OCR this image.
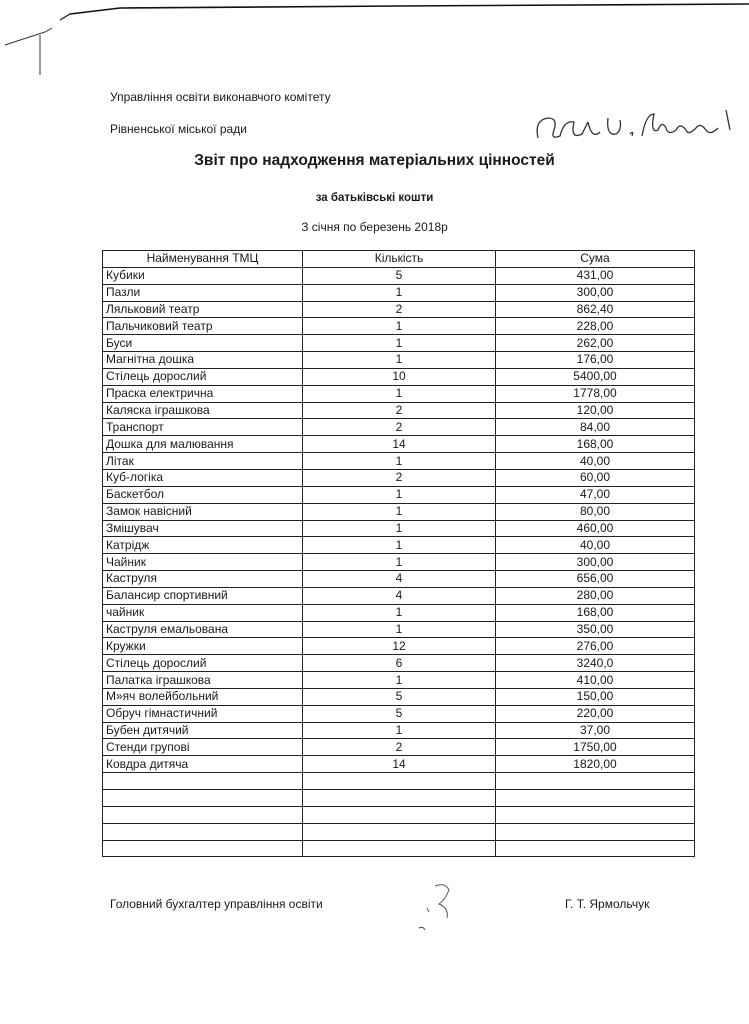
Управління освіти виконавчого комітету
Рівненської міської ради
Звіт про надходження матеріальних цінностей
за батьківські кошти
З січня по березень 2018р
Найменування ТМЦ	Кількість	Сума
Кубики	5	431,00
Пазли	1	300,00
Ляльковий театр	2	862,40
Пальчиковий театр	1	228,00
Буси	1	262,00
Магнітна дошка	1	176,00
Стілець дорослий	10	5400,00
Праска електрична	1	1778,00
Каляска іграшкова	2	120,00
Транспорт	2	84,00
Дошка для малювання	14	168,00
Літак	1	40,00
Куб-логіка	2	60,00
Баскетбол	1	47,00
Замок навісний	1	80,00
Змішувач	1	460,00
Катрідж	1	40,00
Чайник	1	300,00
Каструля	4	656,00
Балансир спортивний	4	280,00
чайник	1	168,00
Каструля емальована	1	350,00
Кружки	12	276,00
Стілець дорослий	6	3240,0
Палатка іграшкова	1	410,00
М»яч волейбольний	5	150,00
Обруч гімнастичний	5	220,00
Бубен дитячий	1	37,00
Стенди групові	2	1750,00
Ковдра дитяча	14	1820,00

Головний бухгалтер управління освіти	Г. Т. Ярмольчук
